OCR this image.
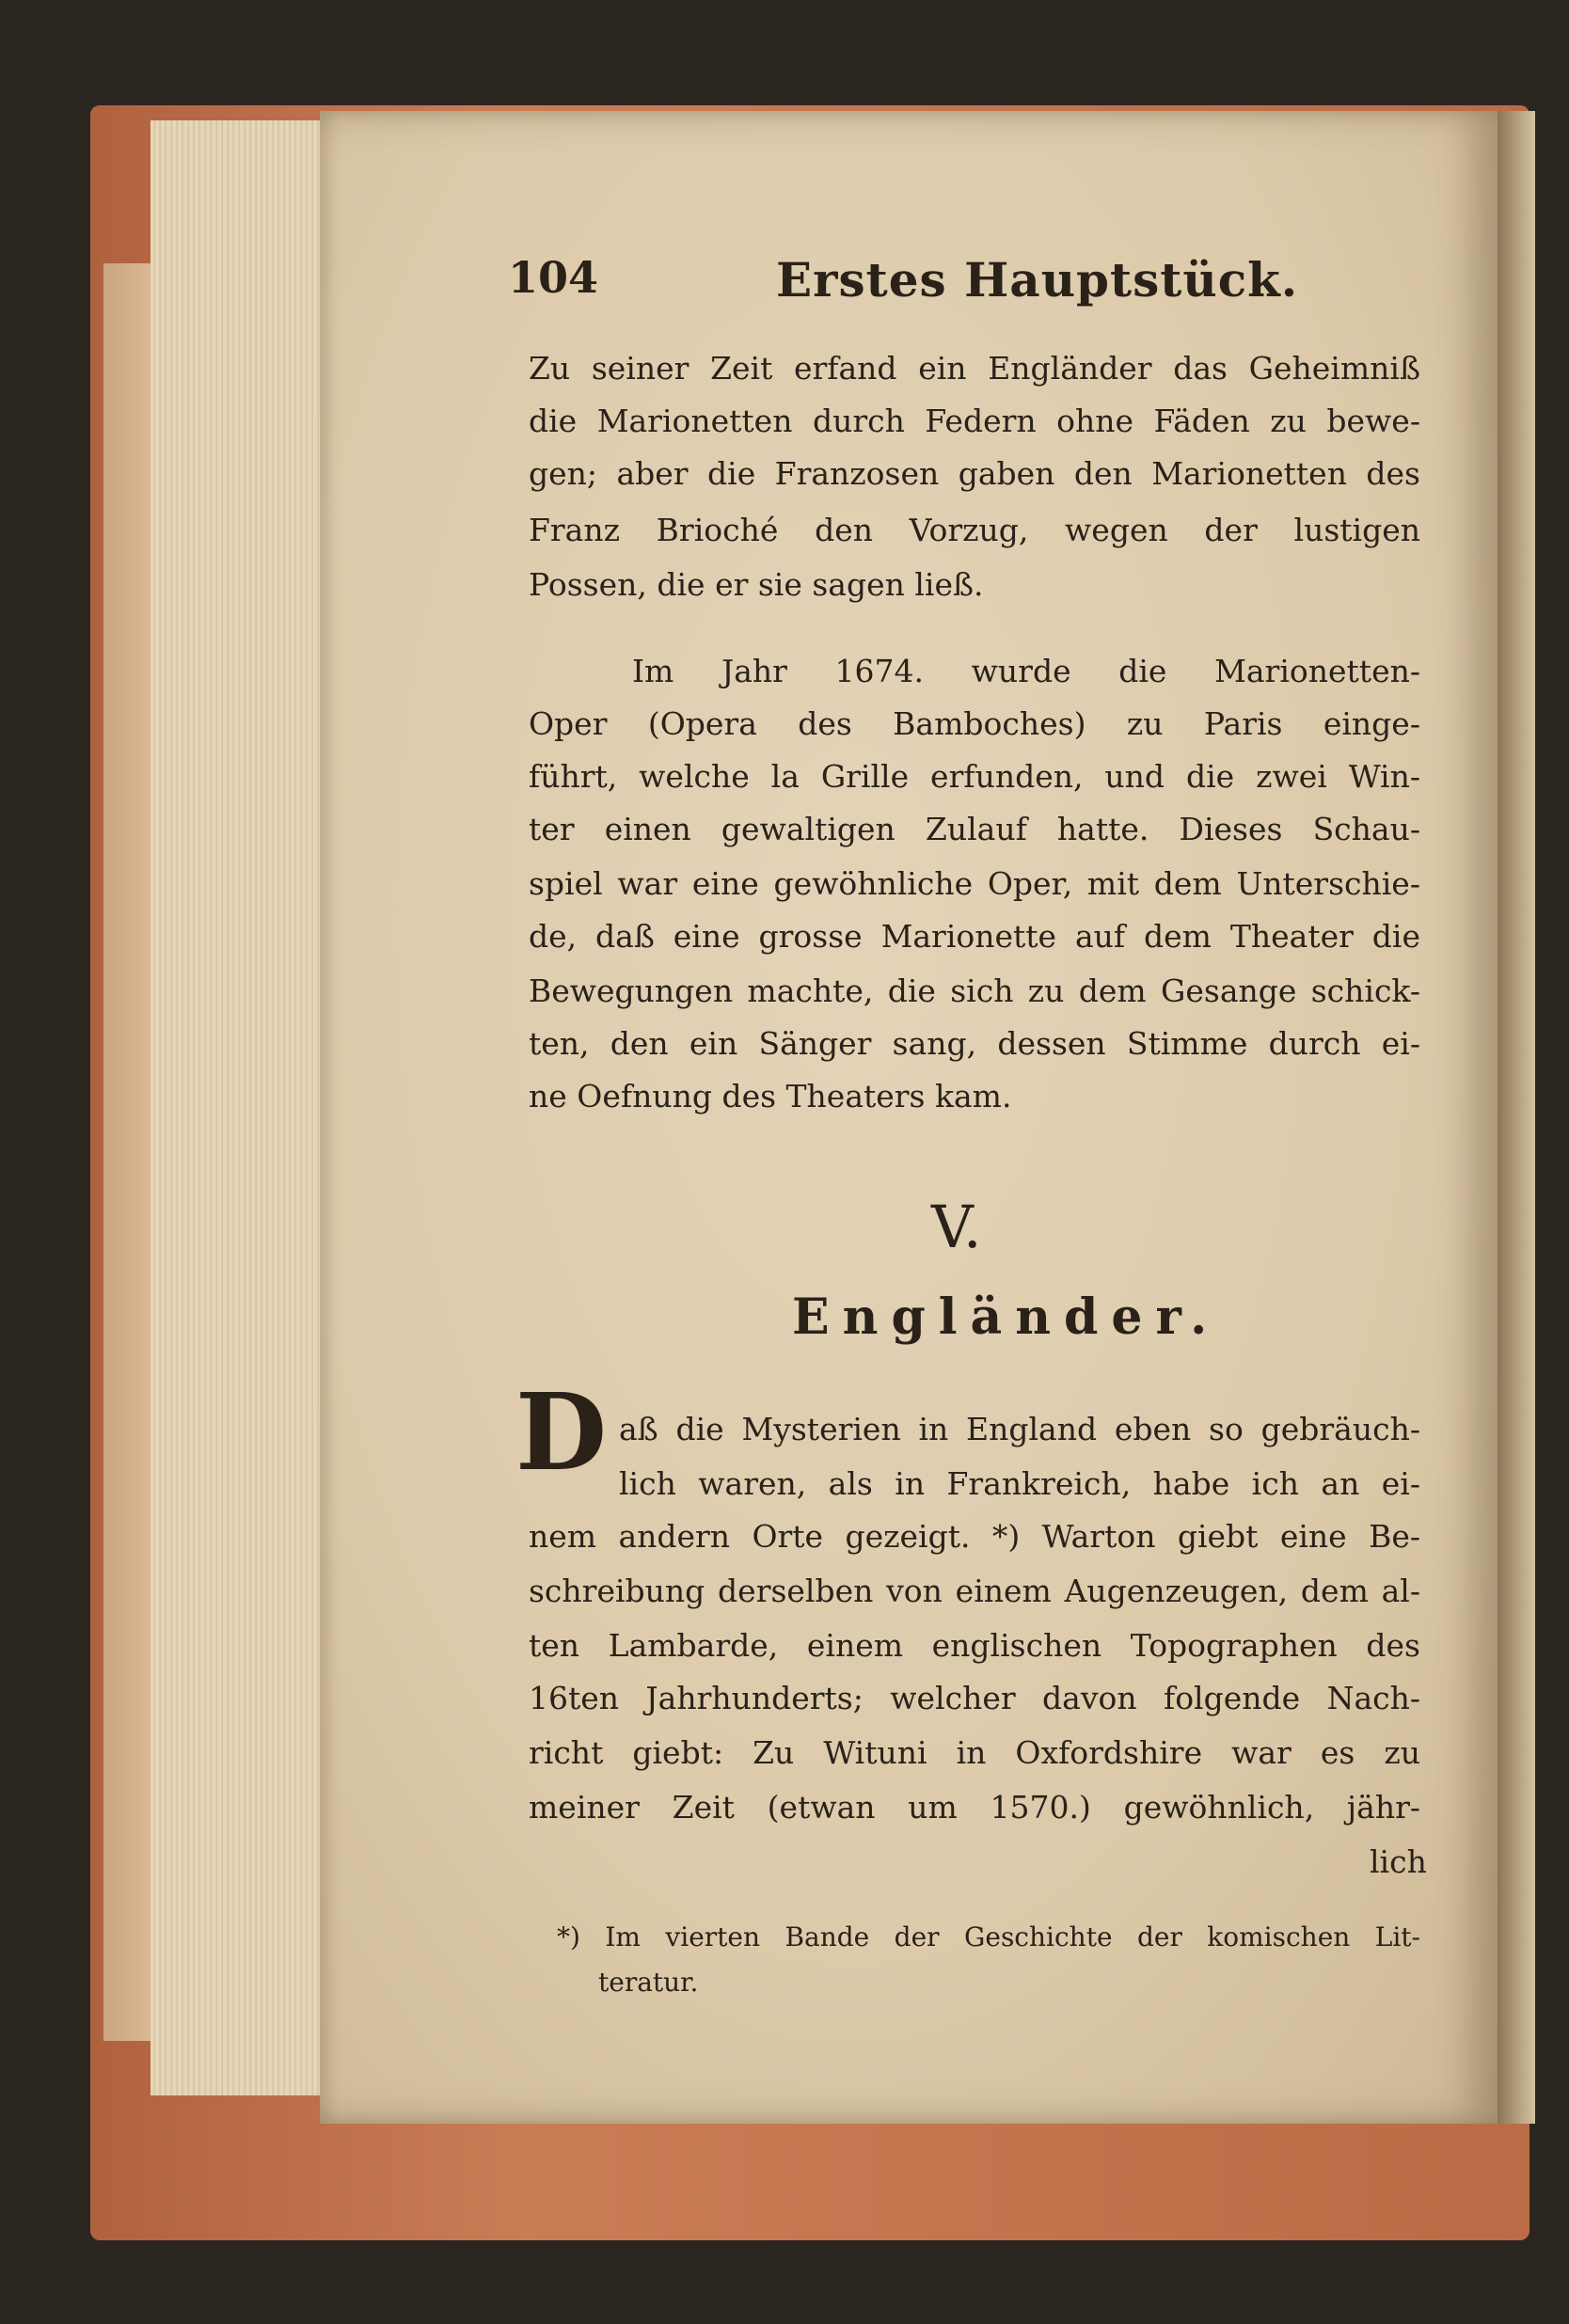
104	Erstes Hauptstück.
Zu seiner Zeit erfand ein Engländer das Geheimniß
die Marionetten durch Federn ohne Fäden zu bewe-
gen; aber die Franzosen gaben den Marionetten des
Franz Brioché den Vorzug, wegen der lustigen
Possen, die er sie sagen ließ.
Im Jahr 1674. wurde die Marionetten-
Oper (Opera des Bamboches) zu Paris einge-
führt, welche la Grille erfunden, und die zwei Win-
ter einen gewaltigen Zulauf hatte. Dieses Schau-
spiel war eine gewöhnliche Oper, mit dem Unterschie-
de, daß eine grosse Marionette auf dem Theater die
Bewegungen machte, die sich zu dem Gesange schick-
ten, den ein Sänger sang, dessen Stimme durch ei-
ne Oefnung des Theaters kam.
V.
Engländer.
D aß die Mysterien in England eben so gebräuch-
lich waren, als in Frankreich, habe ich an ei-
nem andern Orte gezeigt. *) Warton giebt eine Be-
schreibung derselben von einem Augenzeugen, dem al-
ten Lambarde, einem englischen Topographen des
16ten Jahrhunderts; welcher davon folgende Nach-
richt giebt: Zu Wituni in Oxfordshire war es zu
meiner Zeit (etwan um 1570.) gewöhnlich, jähr-
lich
*) Im vierten Bande der Geschichte der komischen Lit-
teratur.
